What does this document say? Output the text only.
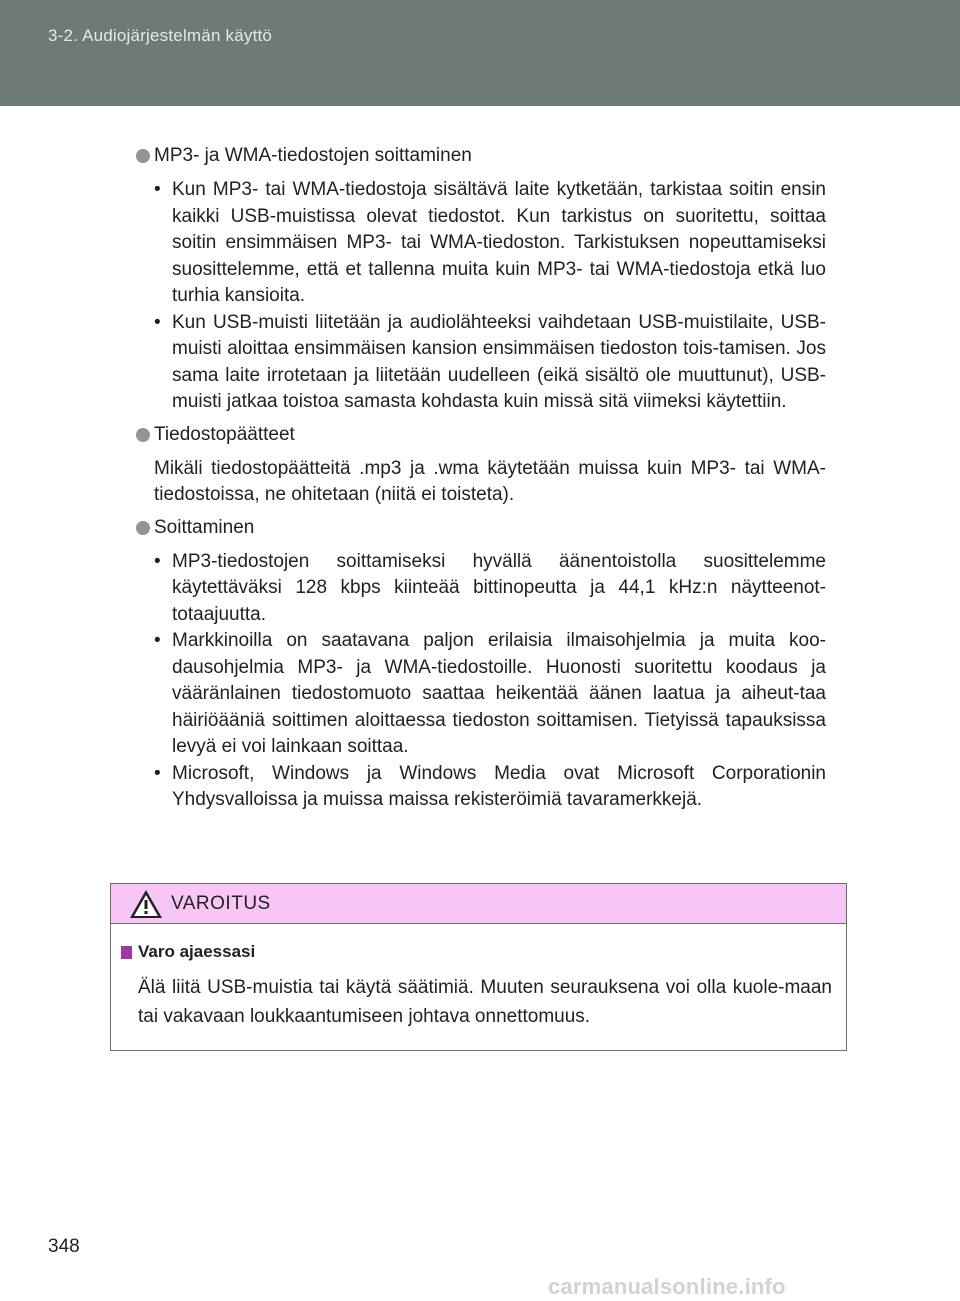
3-2. Audiojärjestelmän käyttö
MP3- ja WMA-tiedostojen soittaminen
• Kun MP3- tai WMA-tiedostoja sisältävä laite kytketään, tarkistaa soitin ensin kaikki USB-muistissa olevat tiedostot. Kun tarkistus on suoritettu, soittaa soitin ensimmäisen MP3- tai WMA-tiedoston. Tarkistuksen nopeuttamiseksi suosittelemme, että et tallenna muita kuin MP3- tai WMA-tiedostoja etkä luo turhia kansioita.
• Kun USB-muisti liitetään ja audiolähteeksi vaihdetaan USB-muistilaite, USB-muisti aloittaa ensimmäisen kansion ensimmäisen tiedoston tois-tamisen. Jos sama laite irrotetaan ja liitetään uudelleen (eikä sisältö ole muuttunut), USB-muisti jatkaa toistoa samasta kohdasta kuin missä sitä viimeksi käytettiin.
Tiedostopäätteet

Mikäli tiedostopäätteitä .mp3 ja .wma käytetään muissa kuin MP3- tai WMA-tiedostoissa, ne ohitetaan (niitä ei toisteta).

Soittaminen
• MP3-tiedostojen soittamiseksi hyvällä äänentoistolla suosittelemme käytettäväksi 128 kbps kiinteää bittinopeutta ja 44,1 kHz:n näytteenot-totaajuutta.
• Markkinoilla on saatavana paljon erilaisia ilmaisohjelmia ja muita koo-dausohjelmia MP3- ja WMA-tiedostoille. Huonosti suoritettu koodaus ja vääränlainen tiedostomuoto saattaa heikentää äänen laatua ja aiheut-taa häiriöääniä soittimen aloittaessa tiedoston soittamisen. Tietyissä tapauksissa levyä ei voi lainkaan soittaa.
• Microsoft, Windows ja Windows Media ovat Microsoft Corporationin Yhdysvalloissa ja muissa maissa rekisteröimiä tavaramerkkejä.
VAROITUS
Varo ajaessasi

Älä liitä USB-muistia tai käytä säätimiä. Muuten seurauksena voi olla kuole-maan tai vakavaan loukkaantumiseen johtava onnettomuus.

348
carmanualsonline.info
